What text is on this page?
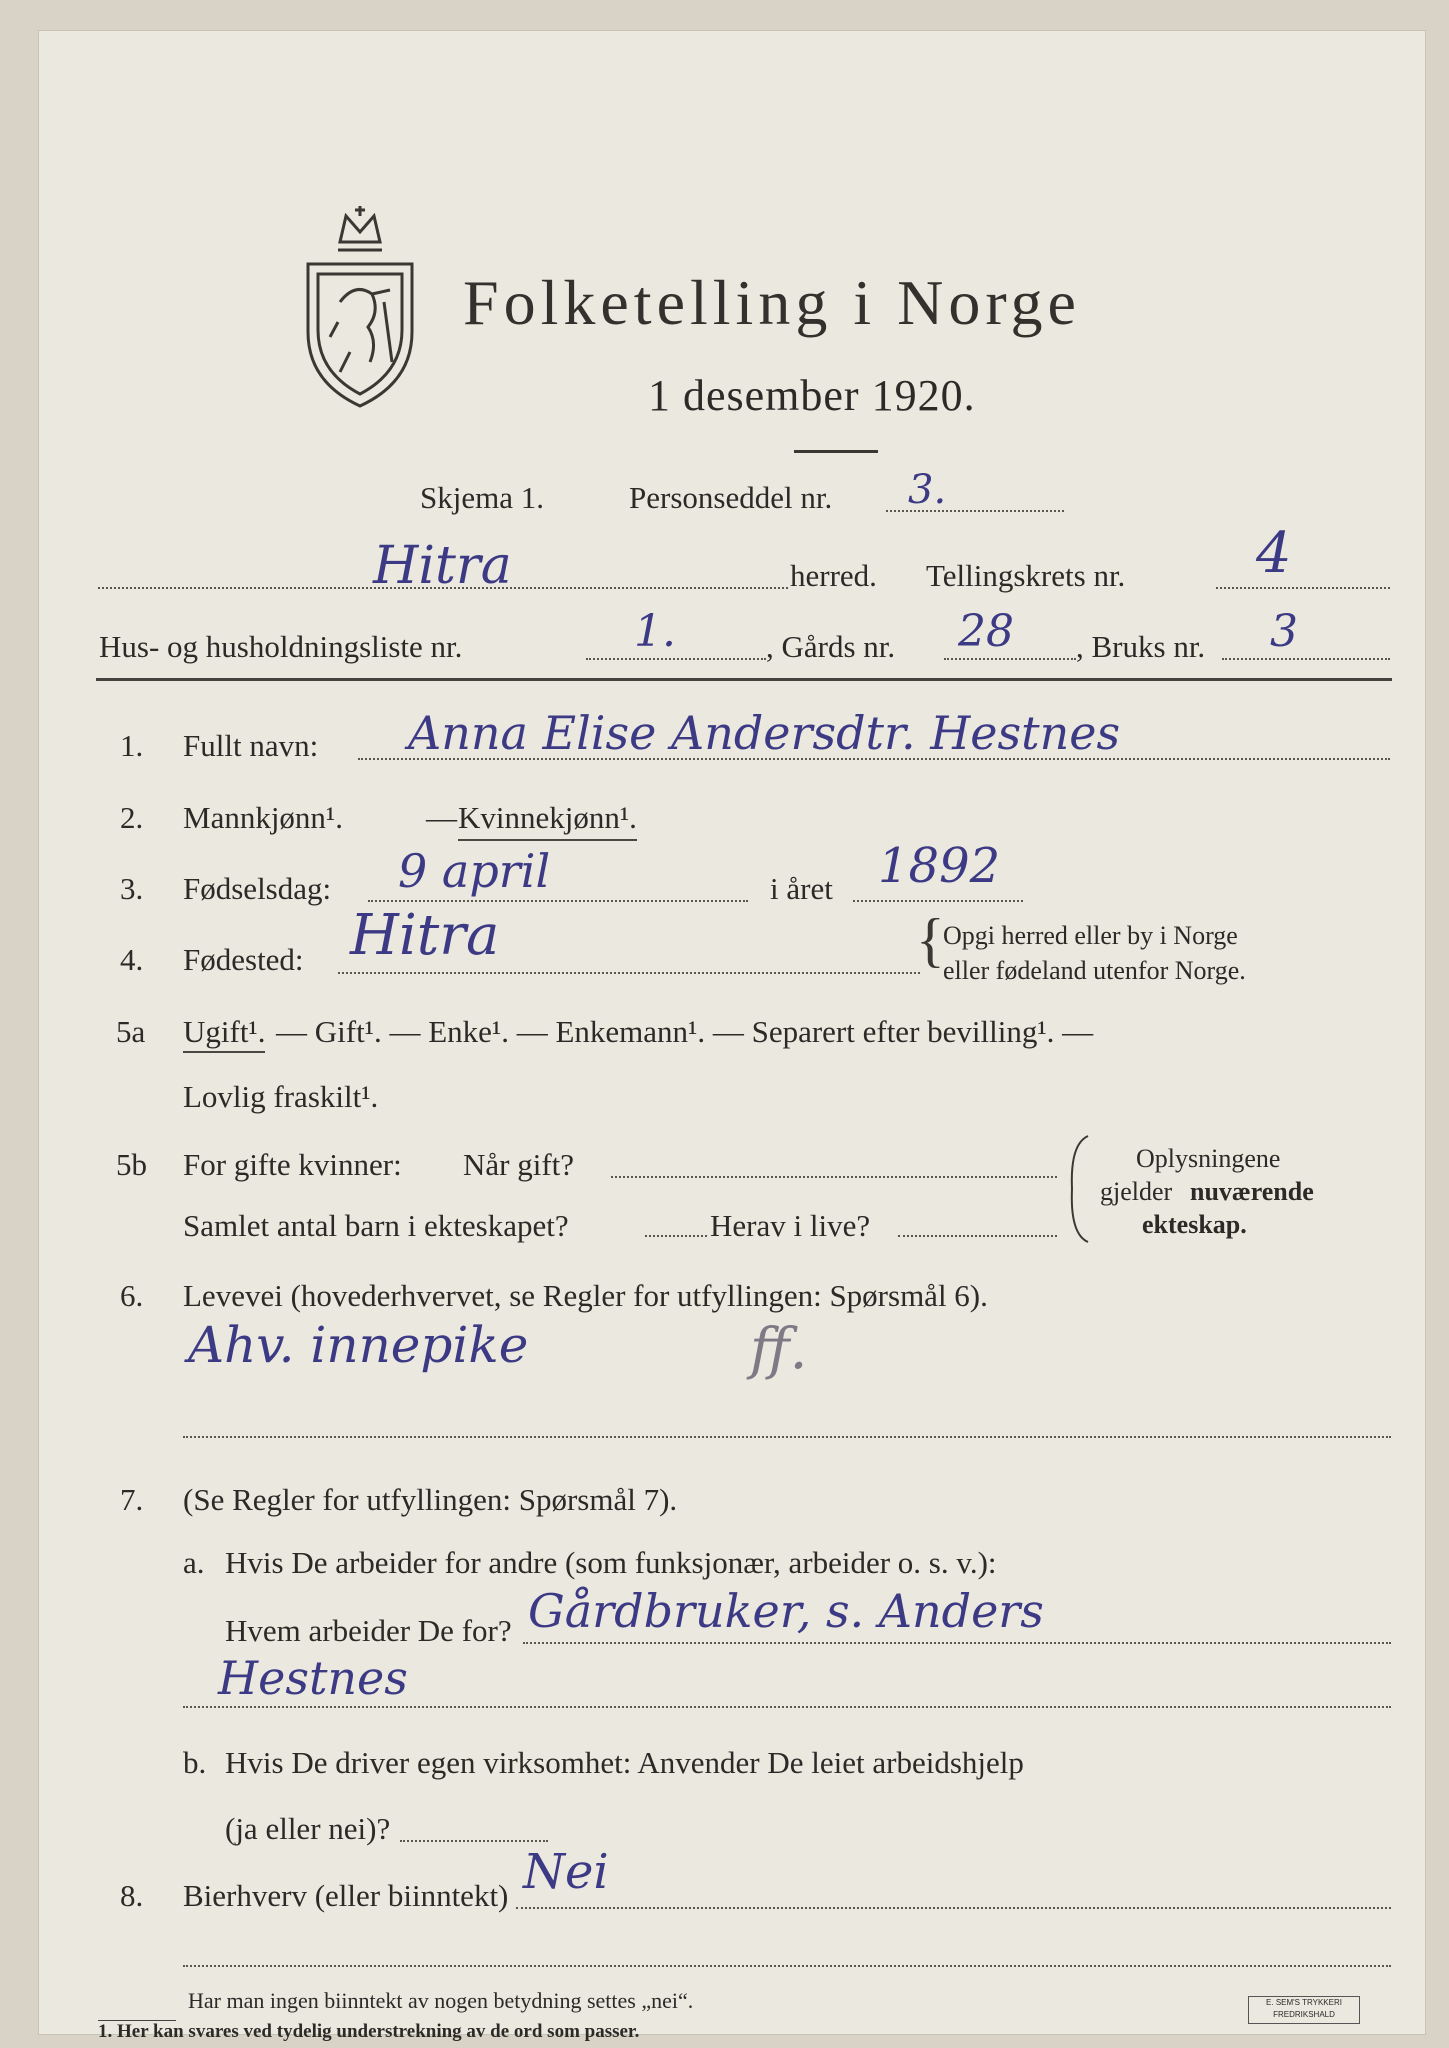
Folketelling i Norge
1 desember 1920.
Skjema 1.	Personseddel nr. 3.
Hitra	herred. Tellingskrets nr. 4
Hus- og husholdningsliste nr.	1.	, Gårds nr. 28 , Bruks nr. 3
1. Fullt navn: Anna Elise Andersdtr. Hestnes
2. Mannkjønn¹.	— Kvinnekjønn¹.
3. Fødselsdag: 9 april	i året 1892
4. Fødested: Hitra	{
Opgi herred eller by i Norge
eller fødeland utenfor Norge.
5a Ugift¹. — Gift¹. — Enke¹. — Enkemann¹. — Separert efter bevilling¹. —
Lovlig fraskilt¹.
5b For gifte kvinner: Når gift?
Samlet antal barn i ekteskapet?	Herav i live?
Oplysningene
gjelder nuværende
ekteskap.
6. Levevei (hovederhvervet, se Regler for utfyllingen: Spørsmål 6).
Ahv. innepike	ff.
7. (Se Regler for utfyllingen: Spørsmål 7).
a. Hvis De arbeider for andre (som funksjonær, arbeider o. s. v.):
Hvem arbeider De for? Gårdbruker, s. Anders
Hestnes
b. Hvis De driver egen virksomhet: Anvender De leiet arbeidshjelp
(ja eller nei)?
8. Bierhverv (eller biinntekt) Nei
Har man ingen biinntekt av nogen betydning settes „nei“.
1. Her kan svares ved tydelig understrekning av de ord som passer.
E. SEM'S TRYKKERI FREDRIKSHALD
